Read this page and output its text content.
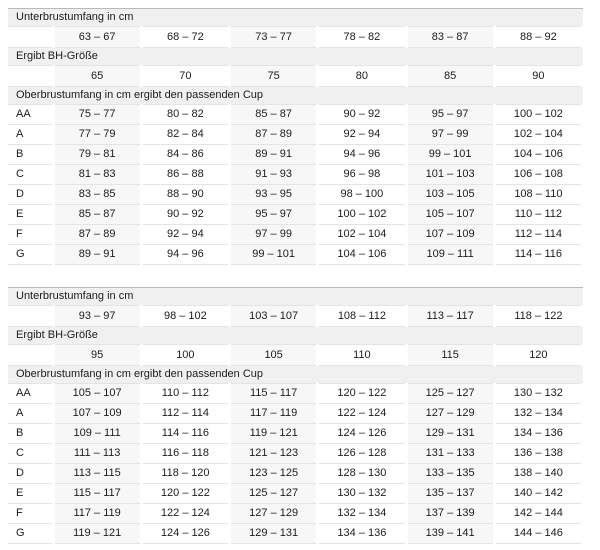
Unterbrustumfang in cm						
	63 – 67	68 – 72	73 – 77	78 – 82	83 – 87	88 – 92
Ergibt BH-Größe						
	65	70	75	80	85	90
Oberbrustumfang in cm ergibt den passenden Cup						
AA	75 – 77	80 – 82	85 – 87	90 – 92	95 – 97	100 – 102
A	77 – 79	82 – 84	87 – 89	92 – 94	97 – 99	102 – 104
B	79 – 81	84 – 86	89 – 91	94 – 96	99 – 101	104 – 106
C	81 – 83	86 – 88	91 – 93	96 – 98	101 – 103	106 – 108
D	83 – 85	88 – 90	93 – 95	98 – 100	103 – 105	108 – 110
E	85 – 87	90 – 92	95 – 97	100 – 102	105 – 107	110 – 112
F	87 – 89	92 – 94	97 – 99	102 – 104	107 – 109	112 – 114
G	89 – 91	94 – 96	99 – 101	104 – 106	109 – 111	114 – 116
Unterbrustumfang in cm						
	93 – 97	98 – 102	103 – 107	108 – 112	113 – 117	118 – 122
Ergibt BH-Größe						
	95	100	105	110	115	120
Oberbrustumfang in cm ergibt den passenden Cup						
AA	105 – 107	110 – 112	115 – 117	120 – 122	125 – 127	130 – 132
A	107 – 109	112 – 114	117 – 119	122 – 124	127 – 129	132 – 134
B	109 – 111	114 – 116	119 – 121	124 – 126	129 – 131	134 – 136
C	111 – 113	116 – 118	121 – 123	126 – 128	131 – 133	136 – 138
D	113 – 115	118 – 120	123 – 125	128 – 130	133 – 135	138 – 140
E	115 – 117	120 – 122	125 – 127	130 – 132	135 – 137	140 – 142
F	117 – 119	122 – 124	127 – 129	132 – 134	137 – 139	142 – 144
G	119 – 121	124 – 126	129 – 131	134 – 136	139 – 141	144 – 146
